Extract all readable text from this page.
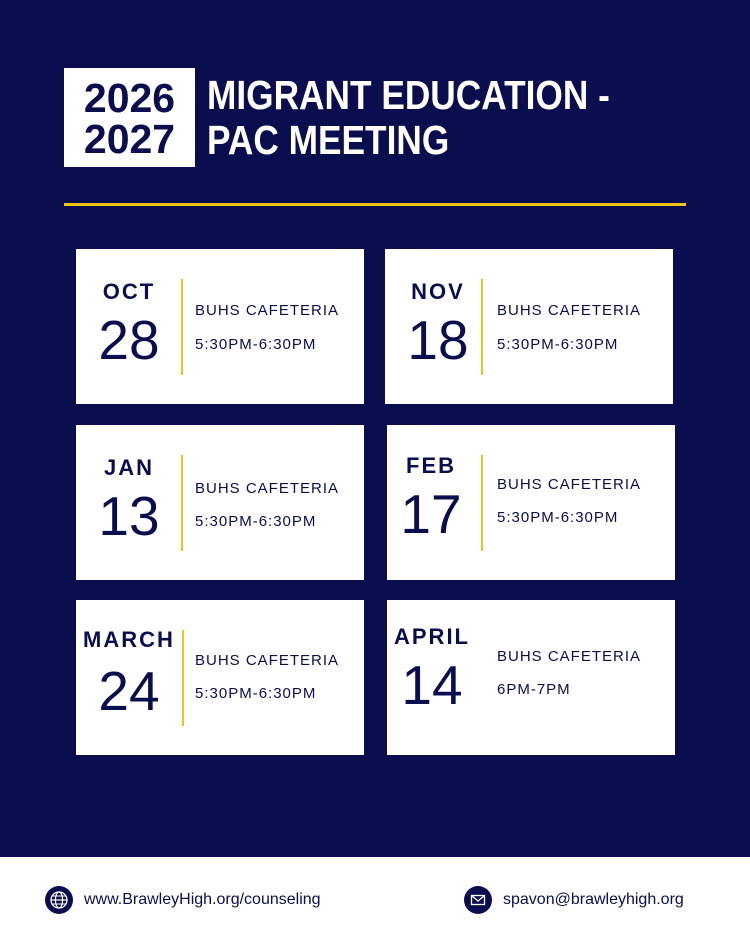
2026
2027
MIGRANT EDUCATION -
PAC MEETING
OCT
28	BUHS CAFETERIA
5:30PM-6:30PM
NOV
18	BUHS CAFETERIA
5:30PM-6:30PM
JAN
13	BUHS CAFETERIA
5:30PM-6:30PM
FEB
17	BUHS CAFETERIA
5:30PM-6:30PM
MARCH
24	BUHS CAFETERIA
5:30PM-6:30PM
APRIL
14	BUHS CAFETERIA
6PM-7PM
www.BrawleyHigh.org/counseling	spavon@brawleyhigh.org
